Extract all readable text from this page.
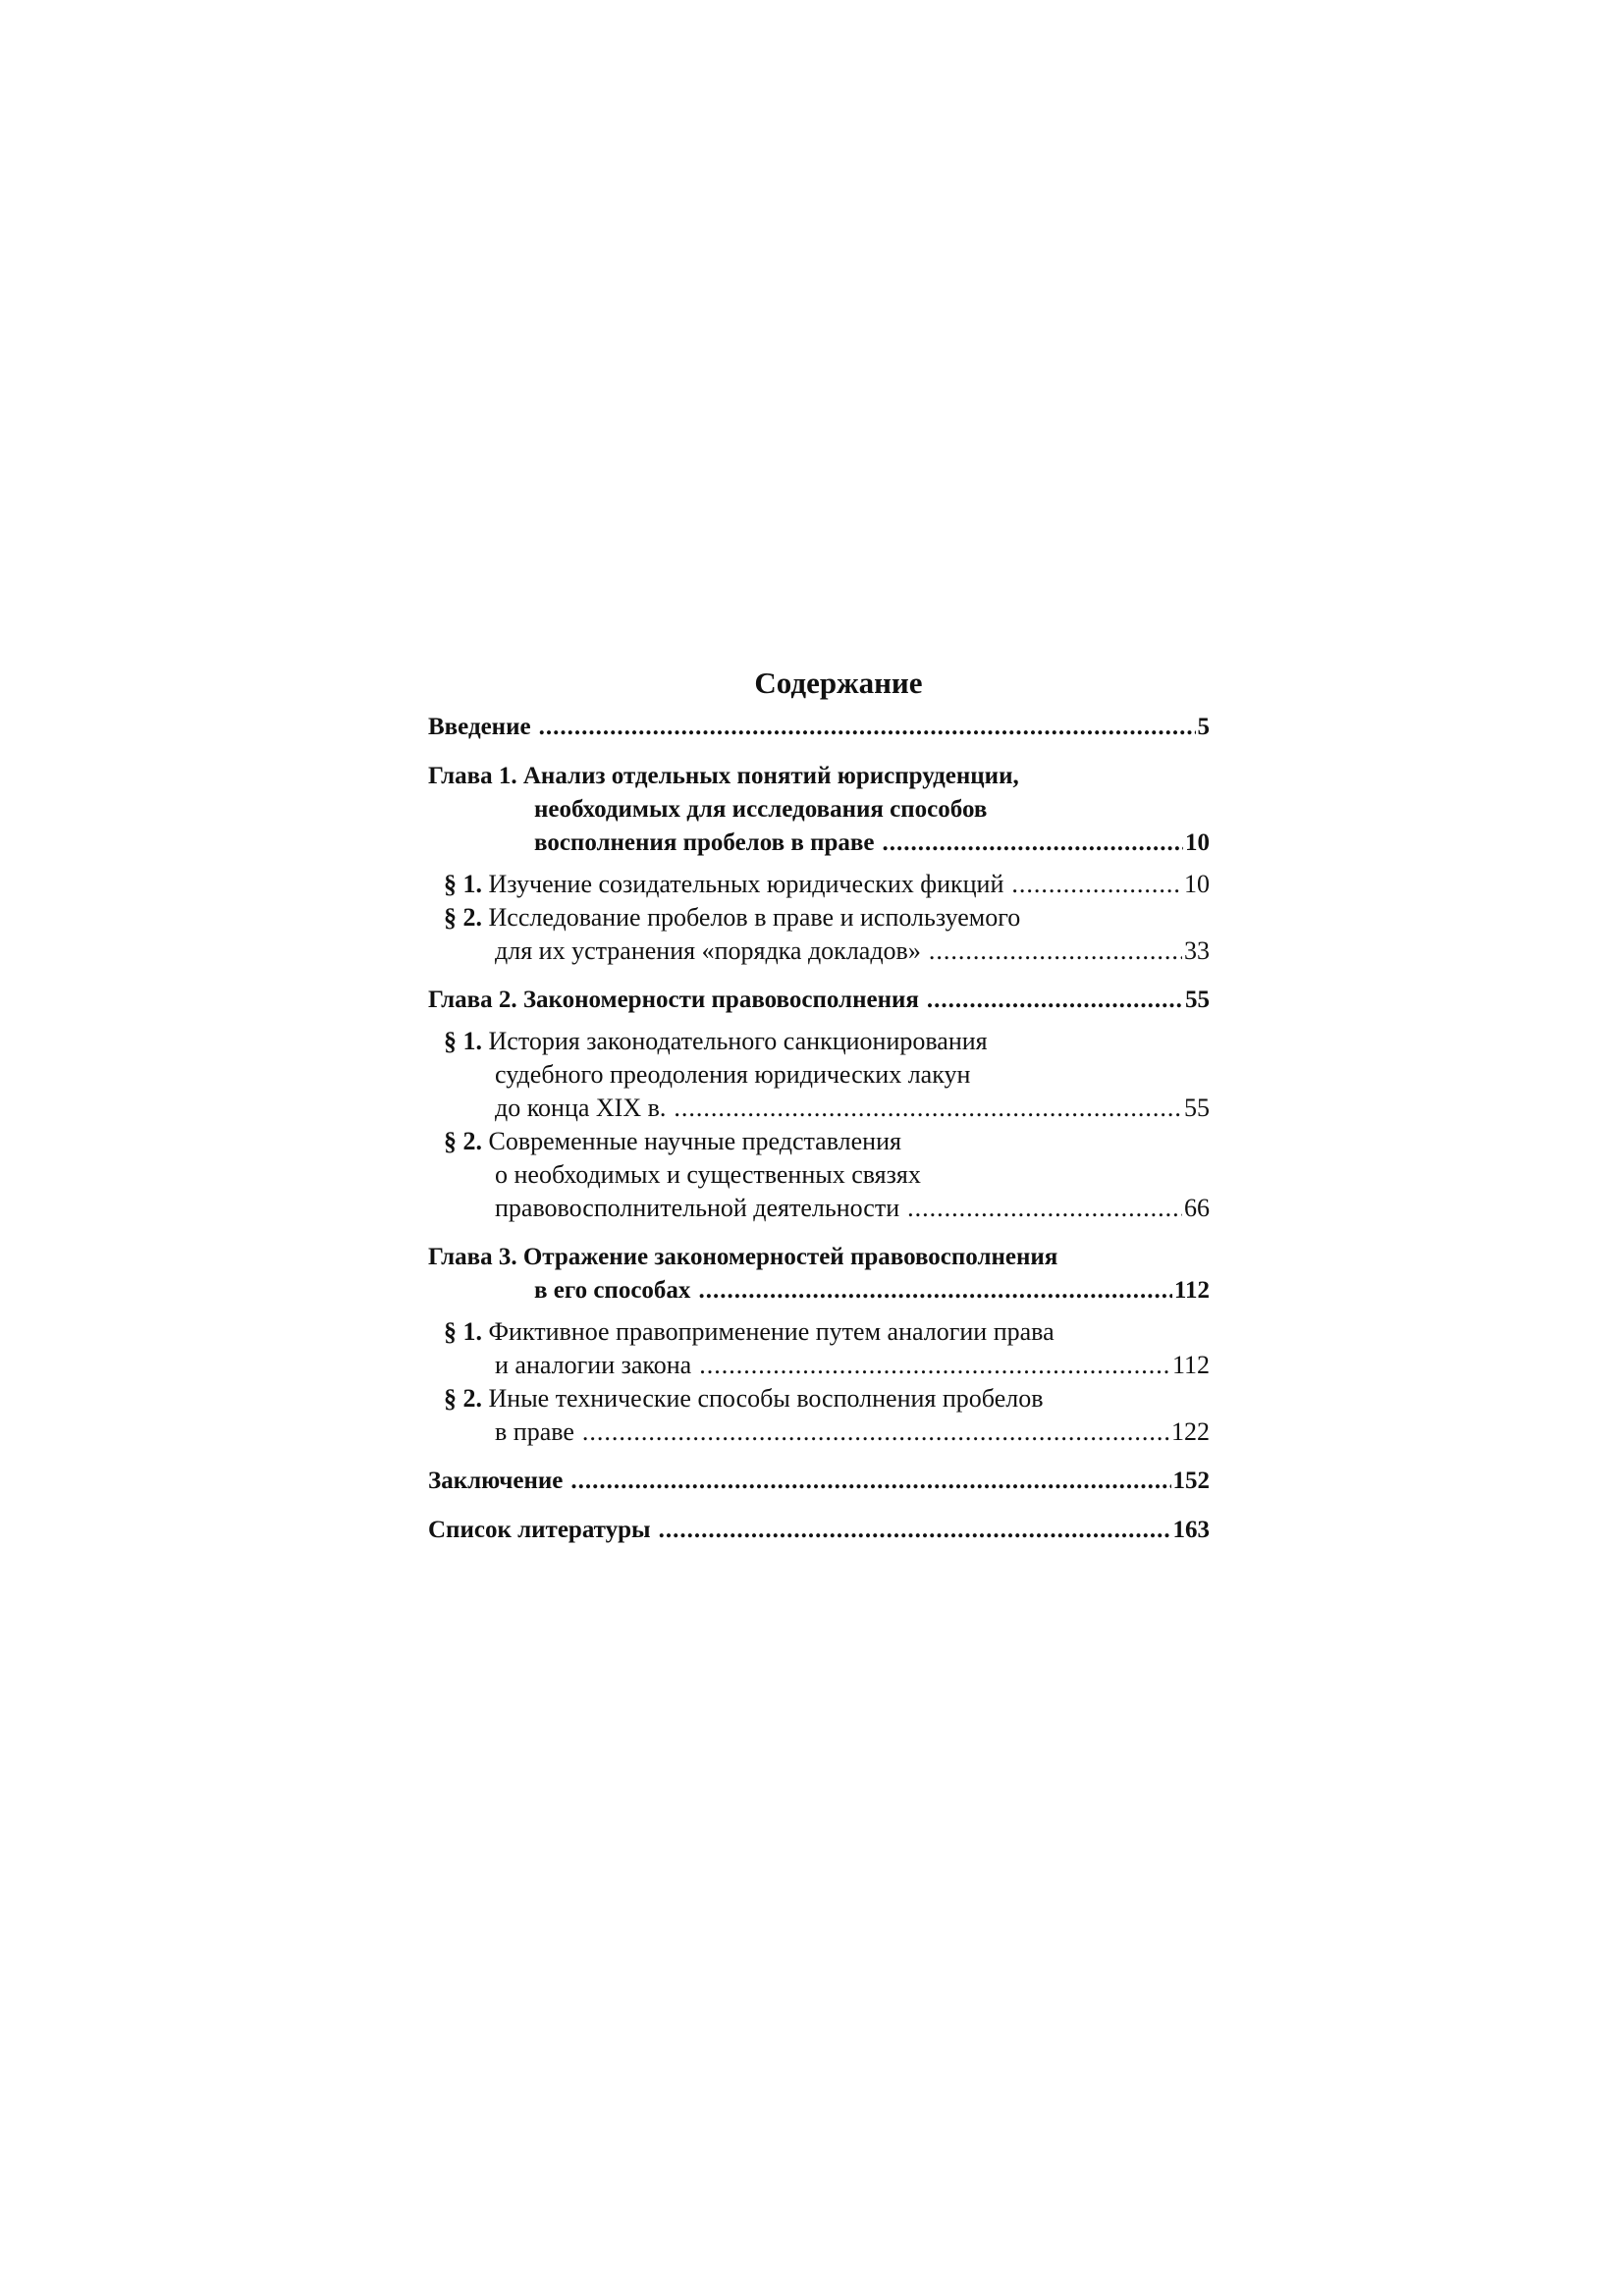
Содержание
Введение .....	5
Глава 1. Анализ отдельных понятий юриспруденции,
необходимых для исследования способов
восполнения пробелов в праве .....	10
§ 1. Изучение созидательных юридических фикций .....	10
§ 2. Исследование пробелов в праве и используемого
для их устранения «порядка докладов» .....	33
Глава 2. Закономерности правовосполнения .....	55
§ 1. История законодательного санкционирования
судебного преодоления юридических лакун
до конца XIX в. .....	55
§ 2. Современные научные представления
о необходимых и существенных связях
правовосполнительной деятельности .....	66
Глава 3. Отражение закономерностей правовосполнения
в его способах .....	112
§ 1. Фиктивное правоприменение путем аналогии права
и аналогии закона .....	112
§ 2. Иные технические способы восполнения пробелов
в праве .....	122
Заключение .....	152
Список литературы .....	163
